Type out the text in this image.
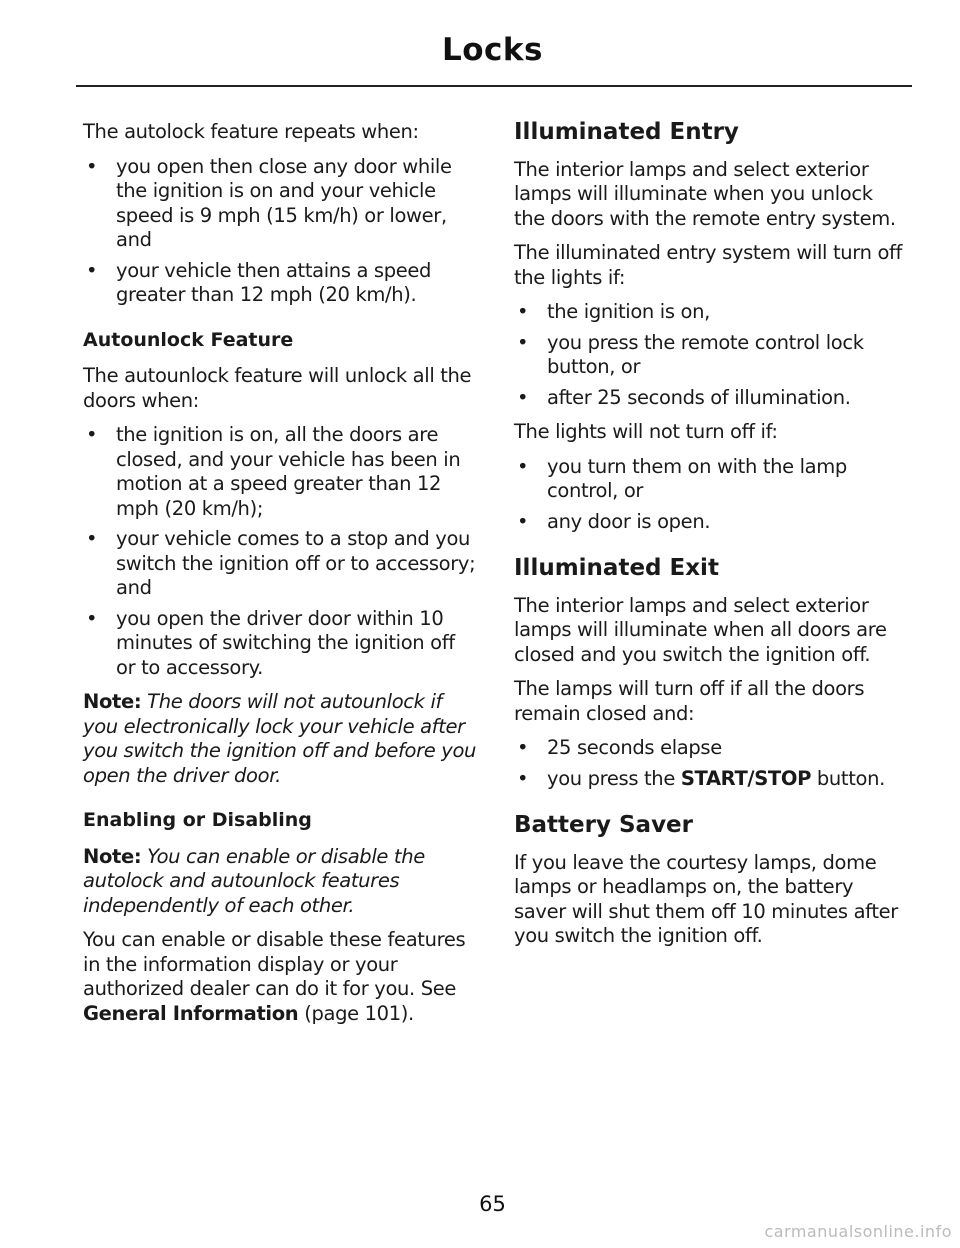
Locks

The autolock feature repeats when:

• you open then close any door while the ignition is on and your vehicle speed is 9 mph (15 km/h) or lower, and
• your vehicle then attains a speed greater than 12 mph (20 km/h).
Autounlock Feature

The autounlock feature will unlock all the doors when:

• the ignition is on, all the doors are closed, and your vehicle has been in motion at a speed greater than 12 mph (20 km/h);
• your vehicle comes to a stop and you switch the ignition off or to accessory; and
• you open the driver door within 10 minutes of switching the ignition off or to accessory.

Note: The doors will not autounlock if you electronically lock your vehicle after you switch the ignition off and before you open the driver door.

Enabling or Disabling

Note: You can enable or disable the autolock and autounlock features independently of each other.

You can enable or disable these features in the information display or your authorized dealer can do it for you. See General Information (page 101).

Illuminated Entry

The interior lamps and select exterior lamps will illuminate when you unlock the doors with the remote entry system.

The illuminated entry system will turn off the lights if:

• the ignition is on,
• you press the remote control lock button, or
• after 25 seconds of illumination.

The lights will not turn off if:

• you turn them on with the lamp control, or
• any door is open.
Illuminated Exit

The interior lamps and select exterior lamps will illuminate when all doors are closed and you switch the ignition off.

The lamps will turn off if all the doors remain closed and:

• 25 seconds elapse
• you press the START/STOP button.
Battery Saver

If you leave the courtesy lamps, dome lamps or headlamps on, the battery saver will shut them off 10 minutes after you switch the ignition off.

65
carmanualsonline.info
